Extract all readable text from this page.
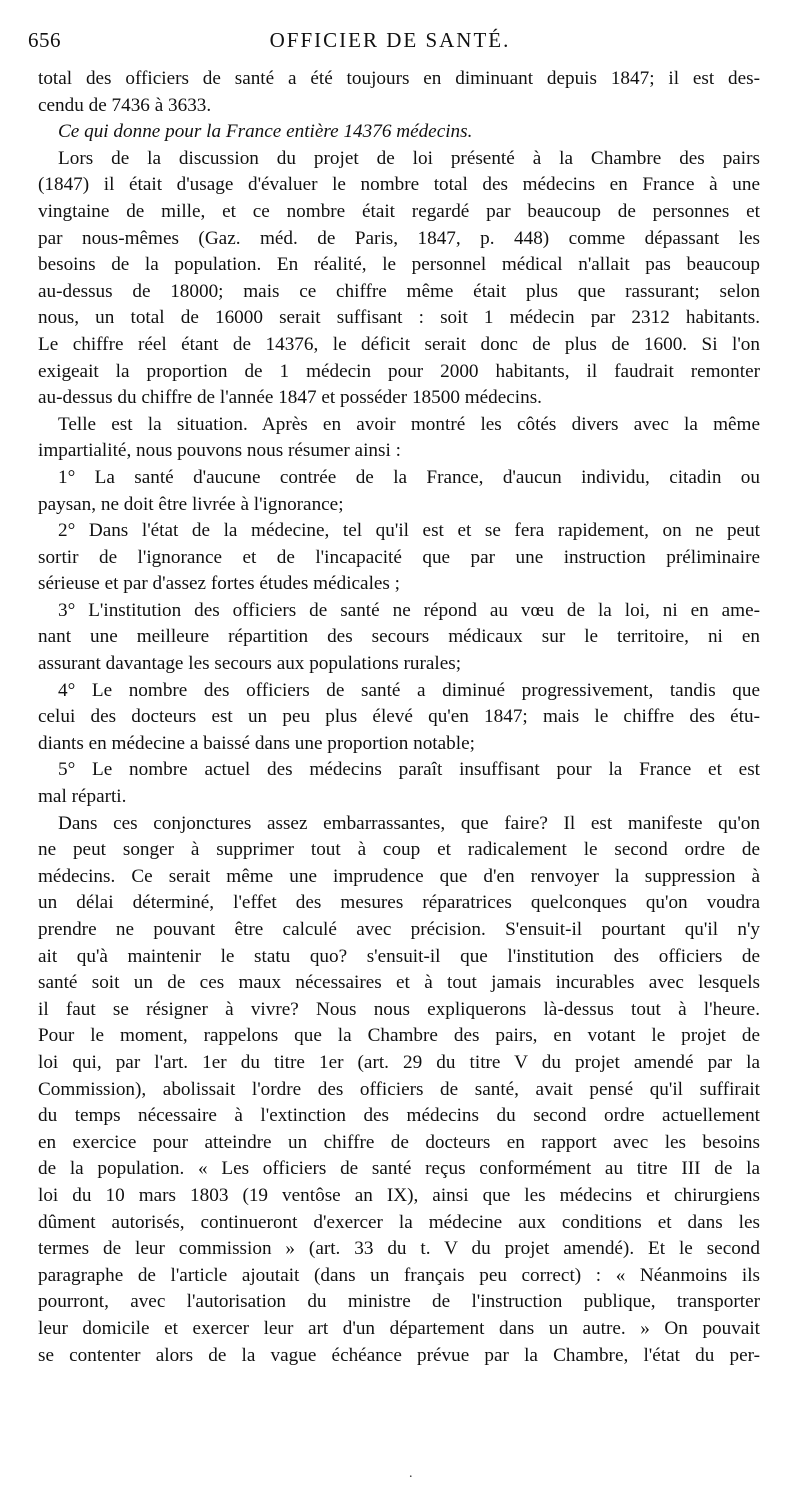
656	OFFICIER DE SANTÉ.
total des officiers de santé a été toujours en diminuant depuis 1847; il est des-
cendu de 7436 à 3633.
Ce qui donne pour la France entière 14376 médecins.
Lors de la discussion du projet de loi présenté à la Chambre des pairs
(1847) il était d'usage d'évaluer le nombre total des médecins en France à une
vingtaine de mille, et ce nombre était regardé par beaucoup de personnes et
par nous-mêmes (Gaz. méd. de Paris, 1847, p. 448) comme dépassant les
besoins de la population. En réalité, le personnel médical n'allait pas beaucoup
au-dessus de 18000; mais ce chiffre même était plus que rassurant; selon
nous, un total de 16000 serait suffisant : soit 1 médecin par 2312 habitants.
Le chiffre réel étant de 14376, le déficit serait donc de plus de 1600. Si l'on
exigeait la proportion de 1 médecin pour 2000 habitants, il faudrait remonter
au-dessus du chiffre de l'année 1847 et posséder 18500 médecins.
Telle est la situation. Après en avoir montré les côtés divers avec la même
impartialité, nous pouvons nous résumer ainsi :
1° La santé d'aucune contrée de la France, d'aucun individu, citadin ou
paysan, ne doit être livrée à l'ignorance;
2° Dans l'état de la médecine, tel qu'il est et se fera rapidement, on ne peut
sortir de l'ignorance et de l'incapacité que par une instruction préliminaire
sérieuse et par d'assez fortes études médicales ;
3° L'institution des officiers de santé ne répond au vœu de la loi, ni en ame-
nant une meilleure répartition des secours médicaux sur le territoire, ni en
assurant davantage les secours aux populations rurales;
4° Le nombre des officiers de santé a diminué progressivement, tandis que
celui des docteurs est un peu plus élevé qu'en 1847; mais le chiffre des étu-
diants en médecine a baissé dans une proportion notable;
5° Le nombre actuel des médecins paraît insuffisant pour la France et est
mal réparti.
Dans ces conjonctures assez embarrassantes, que faire? Il est manifeste qu'on
ne peut songer à supprimer tout à coup et radicalement le second ordre de
médecins. Ce serait même une imprudence que d'en renvoyer la suppression à
un délai déterminé, l'effet des mesures réparatrices quelconques qu'on voudra
prendre ne pouvant être calculé avec précision. S'ensuit-il pourtant qu'il n'y
ait qu'à maintenir le statu quo? s'ensuit-il que l'institution des officiers de
santé soit un de ces maux nécessaires et à tout jamais incurables avec lesquels
il faut se résigner à vivre? Nous nous expliquerons là-dessus tout à l'heure.
Pour le moment, rappelons que la Chambre des pairs, en votant le projet de
loi qui, par l'art. 1er du titre 1er (art. 29 du titre V du projet amendé par la
Commission), abolissait l'ordre des officiers de santé, avait pensé qu'il suffirait
du temps nécessaire à l'extinction des médecins du second ordre actuellement
en exercice pour atteindre un chiffre de docteurs en rapport avec les besoins
de la population. « Les officiers de santé reçus conformément au titre III de la
loi du 10 mars 1803 (19 ventôse an IX), ainsi que les médecins et chirurgiens
dûment autorisés, continueront d'exercer la médecine aux conditions et dans les
termes de leur commission » (art. 33 du t. V du projet amendé). Et le second
paragraphe de l'article ajoutait (dans un français peu correct) : « Néanmoins ils
pourront, avec l'autorisation du ministre de l'instruction publique, transporter
leur domicile et exercer leur art d'un département dans un autre. » On pouvait
se contenter alors de la vague échéance prévue par la Chambre, l'état du per-
.
